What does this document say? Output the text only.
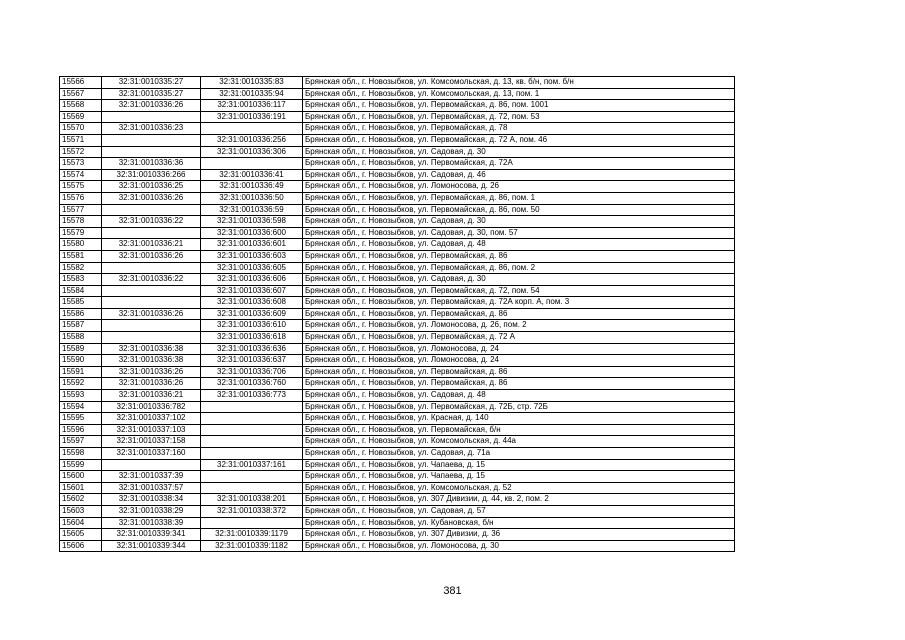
15566	32:31:0010335:27	32:31:0010335:83	Брянская обл., г. Новозыбков, ул. Комсомольская, д. 13, кв. б/н, пом. б/н
15567	32:31:0010335:27	32:31:0010335:94	Брянская обл., г. Новозыбков, ул. Комсомольская, д. 13, пом. 1
15568	32:31:0010336:26	32:31:0010336:117	Брянская обл., г. Новозыбков, ул. Первомайская, д. 86, пом. 1001
15569		32:31:0010336:191	Брянская обл., г. Новозыбков, ул. Первомайская, д. 72, пом. 53
15570	32:31:0010336:23		Брянская обл., г. Новозыбков, ул. Первомайская, д. 78
15571		32:31:0010336:256	Брянская обл., г. Новозыбков, ул. Первомайская, д. 72 А, пом. 46
15572		32:31:0010336:306	Брянская обл., г. Новозыбков, ул. Садовая, д. 30
15573	32:31:0010336:36		Брянская обл., г. Новозыбков, ул. Первомайская, д. 72А
15574	32:31:0010336:266	32:31:0010336:41	Брянская обл., г. Новозыбков, ул. Садовая, д. 46
15575	32:31:0010336:25	32:31:0010336:49	Брянская обл., г. Новозыбков, ул. Ломоносова, д. 26
15576	32:31:0010336:26	32:31:0010336:50	Брянская обл., г. Новозыбков, ул. Первомайская, д. 86, пом. 1
15577		32:31:0010336:59	Брянская обл., г. Новозыбков, ул. Первомайская, д. 86, пом. 50
15578	32:31:0010336:22	32:31:0010336:598	Брянская обл., г. Новозыбков, ул. Садовая, д. 30
15579		32:31:0010336:600	Брянская обл., г. Новозыбков, ул. Садовая, д. 30, пом. 57
15580	32:31:0010336:21	32:31:0010336:601	Брянская обл., г. Новозыбков, ул. Садовая, д. 48
15581	32:31:0010336:26	32:31:0010336:603	Брянская обл., г. Новозыбков, ул. Первомайская, д. 86
15582		32:31:0010336:605	Брянская обл., г. Новозыбков, ул. Первомайская, д. 86, пом. 2
15583	32:31:0010336:22	32:31:0010336:606	Брянская обл., г. Новозыбков, ул. Садовая, д. 30
15584		32:31:0010336:607	Брянская обл., г. Новозыбков, ул. Первомайская, д. 72, пом. 54
15585		32:31:0010336:608	Брянская обл., г. Новозыбков, ул. Первомайская, д. 72А корп. А, пом. 3
15586	32:31:0010336:26	32:31:0010336:609	Брянская обл., г. Новозыбков, ул. Первомайская, д. 86
15587		32:31:0010336:610	Брянская обл., г. Новозыбков, ул. Ломоносова, д. 26, пом. 2
15588		32:31:0010336:618	Брянская обл., г. Новозыбков, ул. Первомайская, д. 72 А
15589	32:31:0010336:38	32:31:0010336:636	Брянская обл., г. Новозыбков, ул. Ломоносова, д. 24
15590	32:31:0010336:38	32:31:0010336:637	Брянская обл., г. Новозыбков, ул. Ломоносова, д. 24
15591	32:31:0010336:26	32:31:0010336:706	Брянская обл., г. Новозыбков, ул. Первомайская, д. 86
15592	32:31:0010336:26	32:31:0010336:760	Брянская обл., г. Новозыбков, ул. Первомайская, д. 86
15593	32:31:0010336:21	32:31:0010336:773	Брянская обл., г. Новозыбков, ул. Садовая, д. 48
15594	32:31:0010336:782		Брянская обл., г. Новозыбков, ул. Первомайская, д. 72Б, стр. 72Б
15595	32:31:0010337:102		Брянская обл., г. Новозыбков, ул. Красная, д. 140
15596	32:31:0010337:103		Брянская обл., г. Новозыбков, ул. Первомайская, б/н
15597	32:31:0010337:158		Брянская обл., г. Новозыбков, ул. Комсомольская, д. 44а
15598	32:31:0010337:160		Брянская обл., г. Новозыбков, ул. Садовая, д. 71а
15599		32:31:0010337:161	Брянская обл., г. Новозыбков, ул. Чапаева, д. 15
15600	32:31:0010337:39		Брянская обл., г. Новозыбков, ул. Чапаева, д. 15
15601	32:31:0010337:57		Брянская обл., г. Новозыбков, ул. Комсомольская, д. 52
15602	32:31:0010338:34	32:31:0010338:201	Брянская обл., г. Новозыбков, ул. 307 Дивизии, д. 44, кв. 2, пом. 2
15603	32:31:0010338:29	32:31:0010338:372	Брянская обл., г. Новозыбков, ул. Садовая, д. 57
15604	32:31:0010338:39		Брянская обл., г. Новозыбков, ул. Кубановская, б/н
15605	32:31:0010339:341	32:31:0010339:1179	Брянская обл., г. Новозыбков, ул. 307 Дивизии, д. 36
15606	32:31:0010339:344	32:31:0010339:1182	Брянская обл., г. Новозыбков, ул. Ломоносова, д. 30
381
